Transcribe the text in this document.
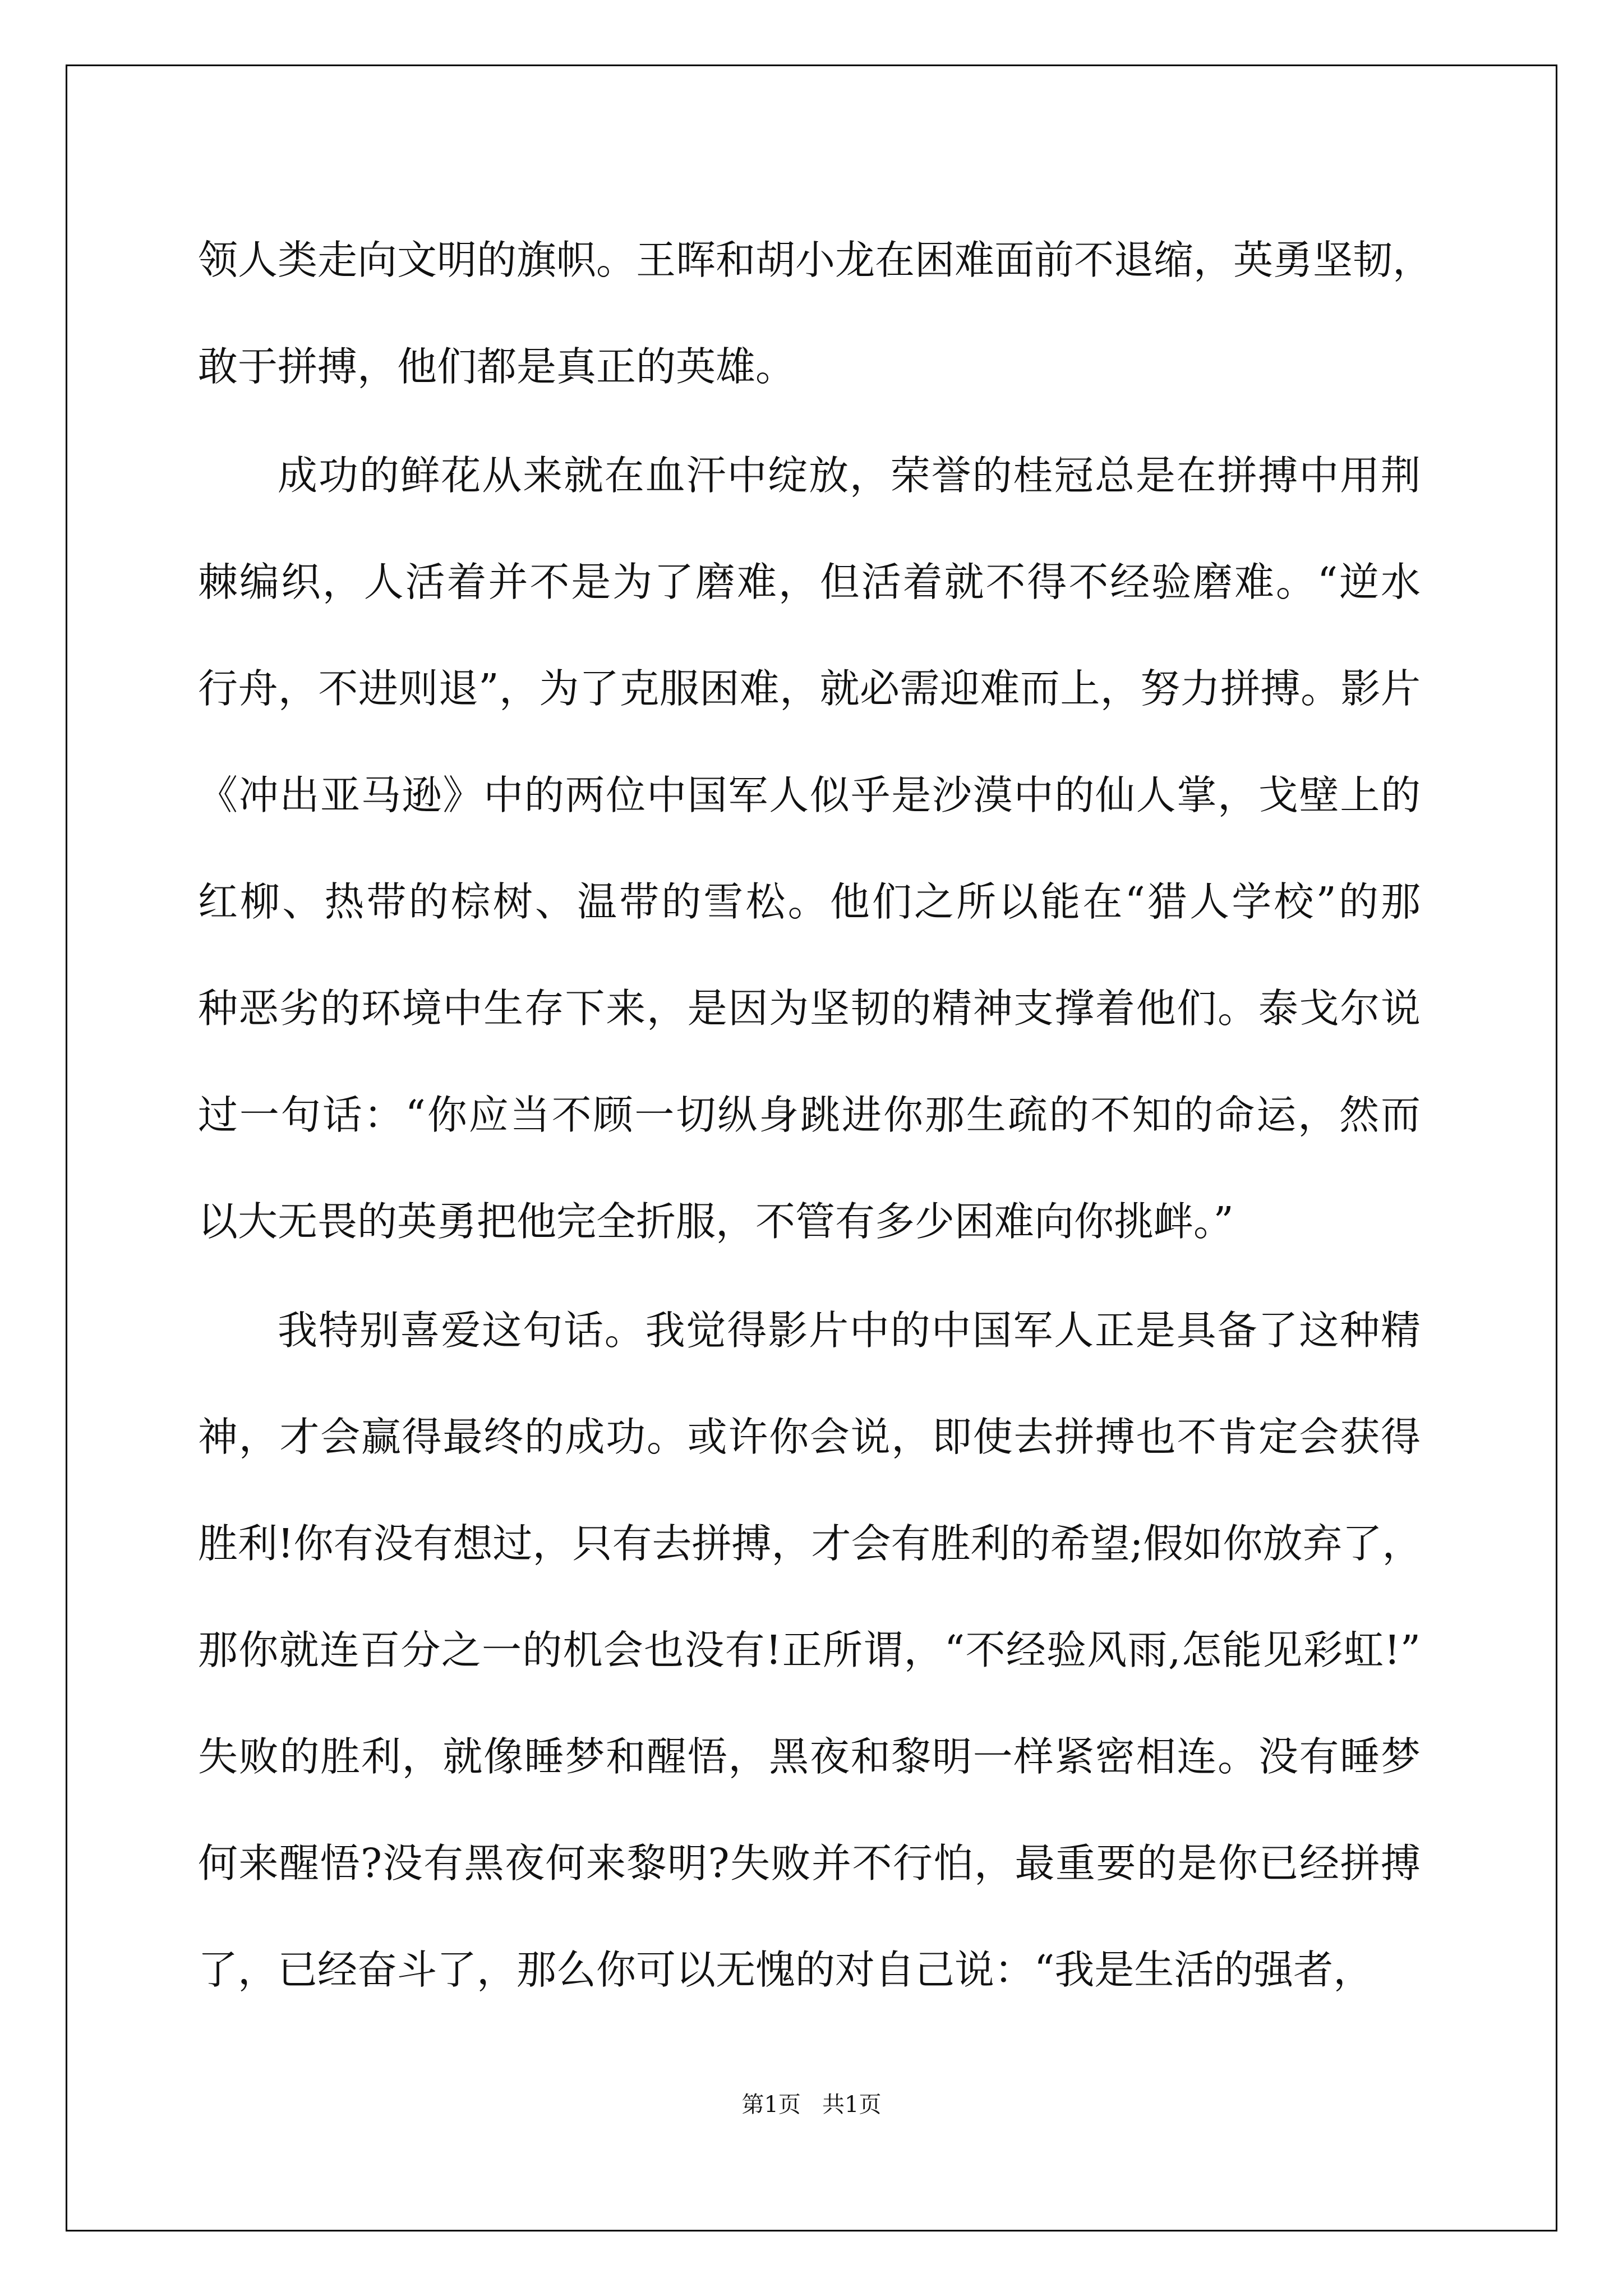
领人类走向文明的旗帜。王晖和胡小龙在困难面前不退缩，英勇坚韧，
敢于拼搏，他们都是真正的英雄。
成功的鲜花从来就在血汗中绽放，荣誉的桂冠总是在拼搏中用荆
棘编织，人活着并不是为了磨难，但活着就不得不经验磨难。“逆水
行舟，不进则退”，为了克服困难，就必需迎难而上，努力拼搏。影片
《冲出亚马逊》中的两位中国军人似乎是沙漠中的仙人掌，戈壁上的
红柳、热带的棕树、温带的雪松。他们之所以能在“猎人学校”的那
种恶劣的环境中生存下来，是因为坚韧的精神支撑着他们。泰戈尔说
过一句话：“你应当不顾一切纵身跳进你那生疏的不知的命运，然而
以大无畏的英勇把他完全折服，不管有多少困难向你挑衅。”
我特别喜爱这句话。我觉得影片中的中国军人正是具备了这种精
神，才会赢得最终的成功。或许你会说，即使去拼搏也不肯定会获得
胜利!你有没有想过，只有去拼搏，才会有胜利的希望;假如你放弃了，
那你就连百分之一的机会也没有!正所谓，“不经验风雨,怎能见彩虹!”
失败的胜利，就像睡梦和醒悟，黑夜和黎明一样紧密相连。没有睡梦
何来醒悟?没有黑夜何来黎明?失败并不行怕，最重要的是你已经拼搏
了，已经奋斗了，那么你可以无愧的对自己说：“我是生活的强者，
第1页   共1页
